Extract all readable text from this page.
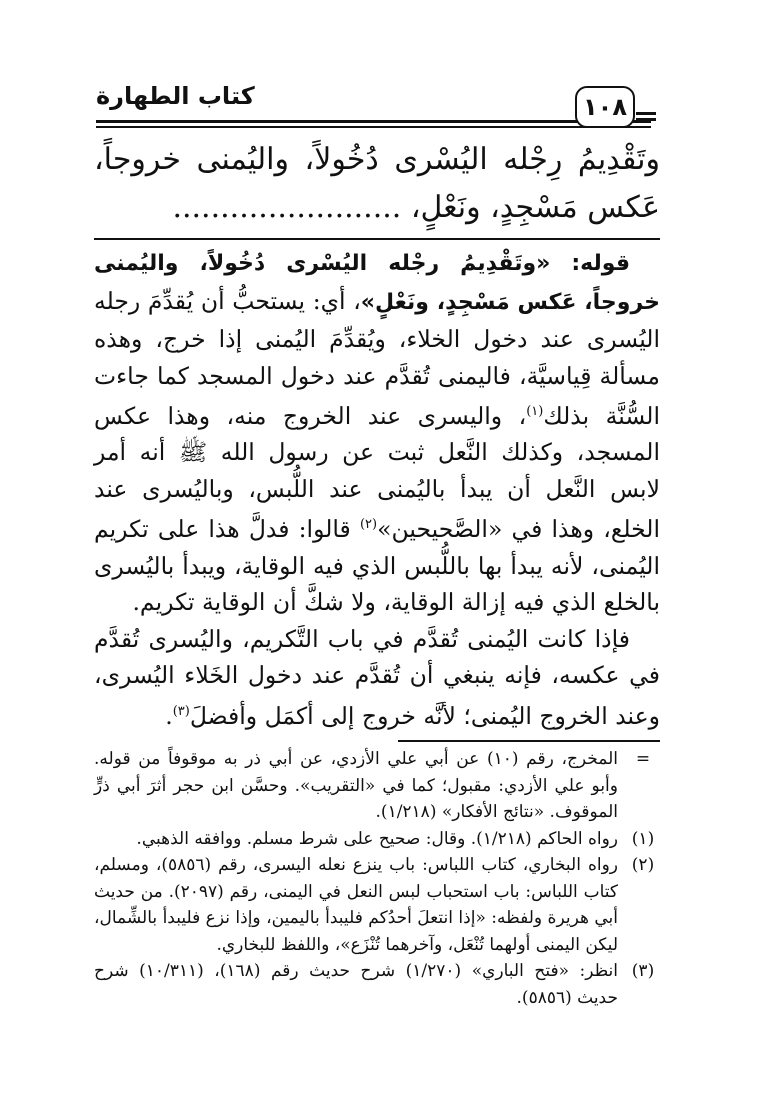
كتاب الطهارة	١٠٨
وتَقْدِيمُ رِجْله اليُسْرى دُخُولاً، واليُمنى خروجاً، عَكس مَسْجِدٍ، ونَعْلٍ، ........................

قوله: «وتَقْدِيمُ رجْله اليُسْرى دُخُولاً، واليُمنى خروجاً، عَكس مَسْجِدٍ، ونَعْلٍ»، أي: يستحبُّ أن يُقدِّمَ رجله اليُسرى عند دخول الخلاء، ويُقدِّمَ اليُمنى إذا خرج، وهذه مسألة قِياسيَّة، فاليمنى تُقدَّم عند دخول المسجد كما جاءت السُّنَّة بذلك$^{(١)}$، واليسرى عند الخروج منه، وهذا عكس المسجد، وكذلك النَّعل ثبت عن رسول الله ﷺ أنه أمر لابس النَّعل أن يبدأ باليُمنى عند اللُّبس، وباليُسرى عند الخلع، وهذا في «الصَّحيحين»$^{(٢)}$ قالوا: فدلَّ هذا على تكريم اليُمنى، لأنه يبدأ بها باللُّبس الذي فيه الوقاية، ويبدأ باليُسرى بالخلع الذي فيه إزالة الوقاية، ولا شكَّ أن الوقاية تكريم.

فإذا كانت اليُمنى تُقدَّم في باب التَّكريم، واليُسرى تُقدَّم في عكسه، فإنه ينبغي أن تُقدَّم عند دخول الخَلاء اليُسرى، وعند الخروج اليُمنى؛ لأنَّه خروج إلى أكمَل وأفضلَ$^{(٣)}$.

=
المخرج، رقم (١٠) عن أبي علي الأزدي، عن أبي ذر به موقوفاً من قوله. وأبو علي الأزدي: مقبول؛ كما في «التقريب». وحسَّن ابن حجر أثرَ أبي ذرٍّ الموقوف. «نتائج الأفكار» (١/٢١٨).
(١)
رواه الحاكم (١/٢١٨). وقال: صحيح على شرط مسلم. ووافقه الذهبي.
(٢)
رواه البخاري، كتاب اللباس: باب ينزع نعله اليسرى، رقم (٥٨٥٦)، ومسلم، كتاب اللباس: باب استحباب لبس النعل في اليمنى، رقم (٢٠٩٧). من حديث أبي هريرة ولفظه: «إذا انتعلَ أحدُكم فليبدأ باليمين، وإذا نزع فليبدأ بالشِّمال، ليكن اليمنى أولهما تُنْعَل، وآخرهما تُنْزَع»، واللفظ للبخاري.
(٣)
انظر: «فتح الباري» (١/٢٧٠) شرح حديث رقم (١٦٨)، (١٠/٣١١) شرح حديث (٥٨٥٦).
